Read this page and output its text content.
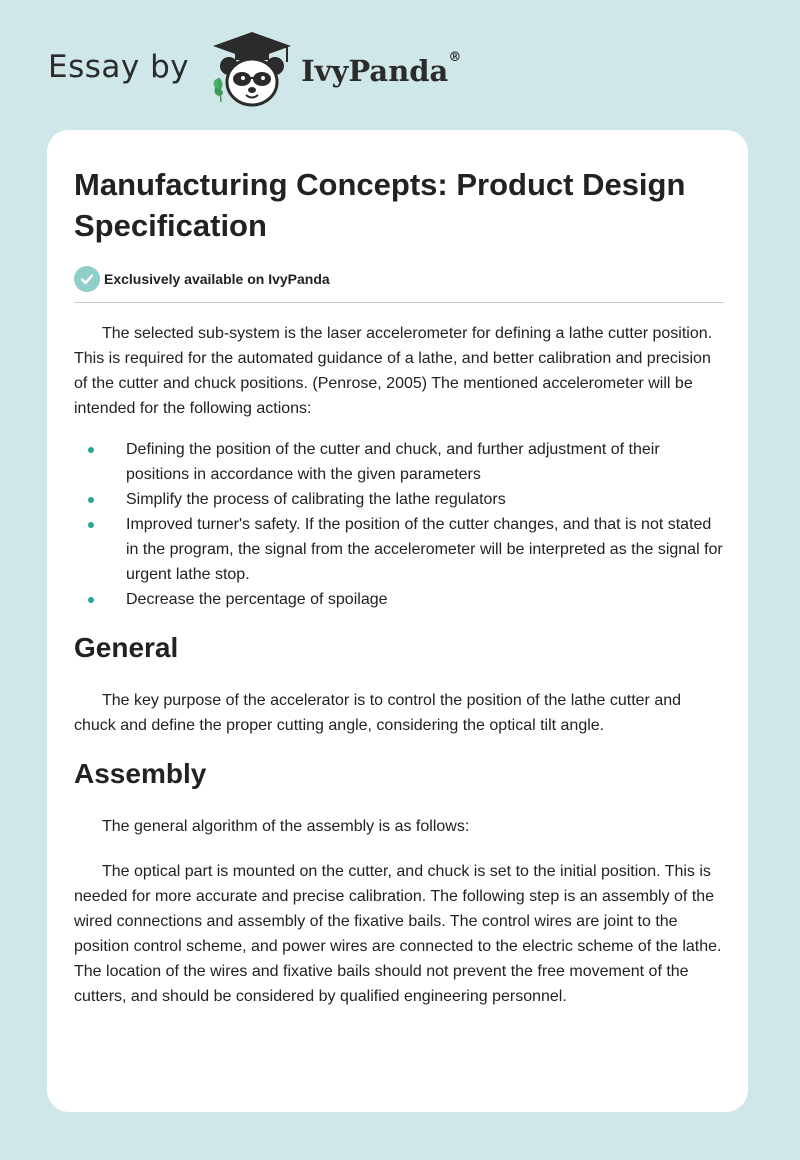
Essay by	IvyPanda®
Manufacturing Concepts: Product Design Specification
Exclusively available on IvyPanda

The selected sub-system is the laser accelerometer for defining a lathe cutter position. This is required for the automated guidance of a lathe, and better calibration and precision of the cutter and chuck positions. (Penrose, 2005) The mentioned accelerometer will be intended for the following actions:

Defining the position of the cutter and chuck, and further adjustment of their positions in accordance with the given parameters
Simplify the process of calibrating the lathe regulators
Improved turner's safety. If the position of the cutter changes, and that is not stated in the program, the signal from the accelerometer will be interpreted as the signal for urgent lathe stop.
Decrease the percentage of spoilage
General

The key purpose of the accelerator is to control the position of the lathe cutter and chuck and define the proper cutting angle, considering the optical tilt angle.

Assembly

The general algorithm of the assembly is as follows:

The optical part is mounted on the cutter, and chuck is set to the initial position. This is needed for more accurate and precise calibration. The following step is an assembly of the wired connections and assembly of the fixative bails. The control wires are joint to the position control scheme, and power wires are connected to the electric scheme of the lathe. The location of the wires and fixative bails should not prevent the free movement of the cutters, and should be considered by qualified engineering personnel.
